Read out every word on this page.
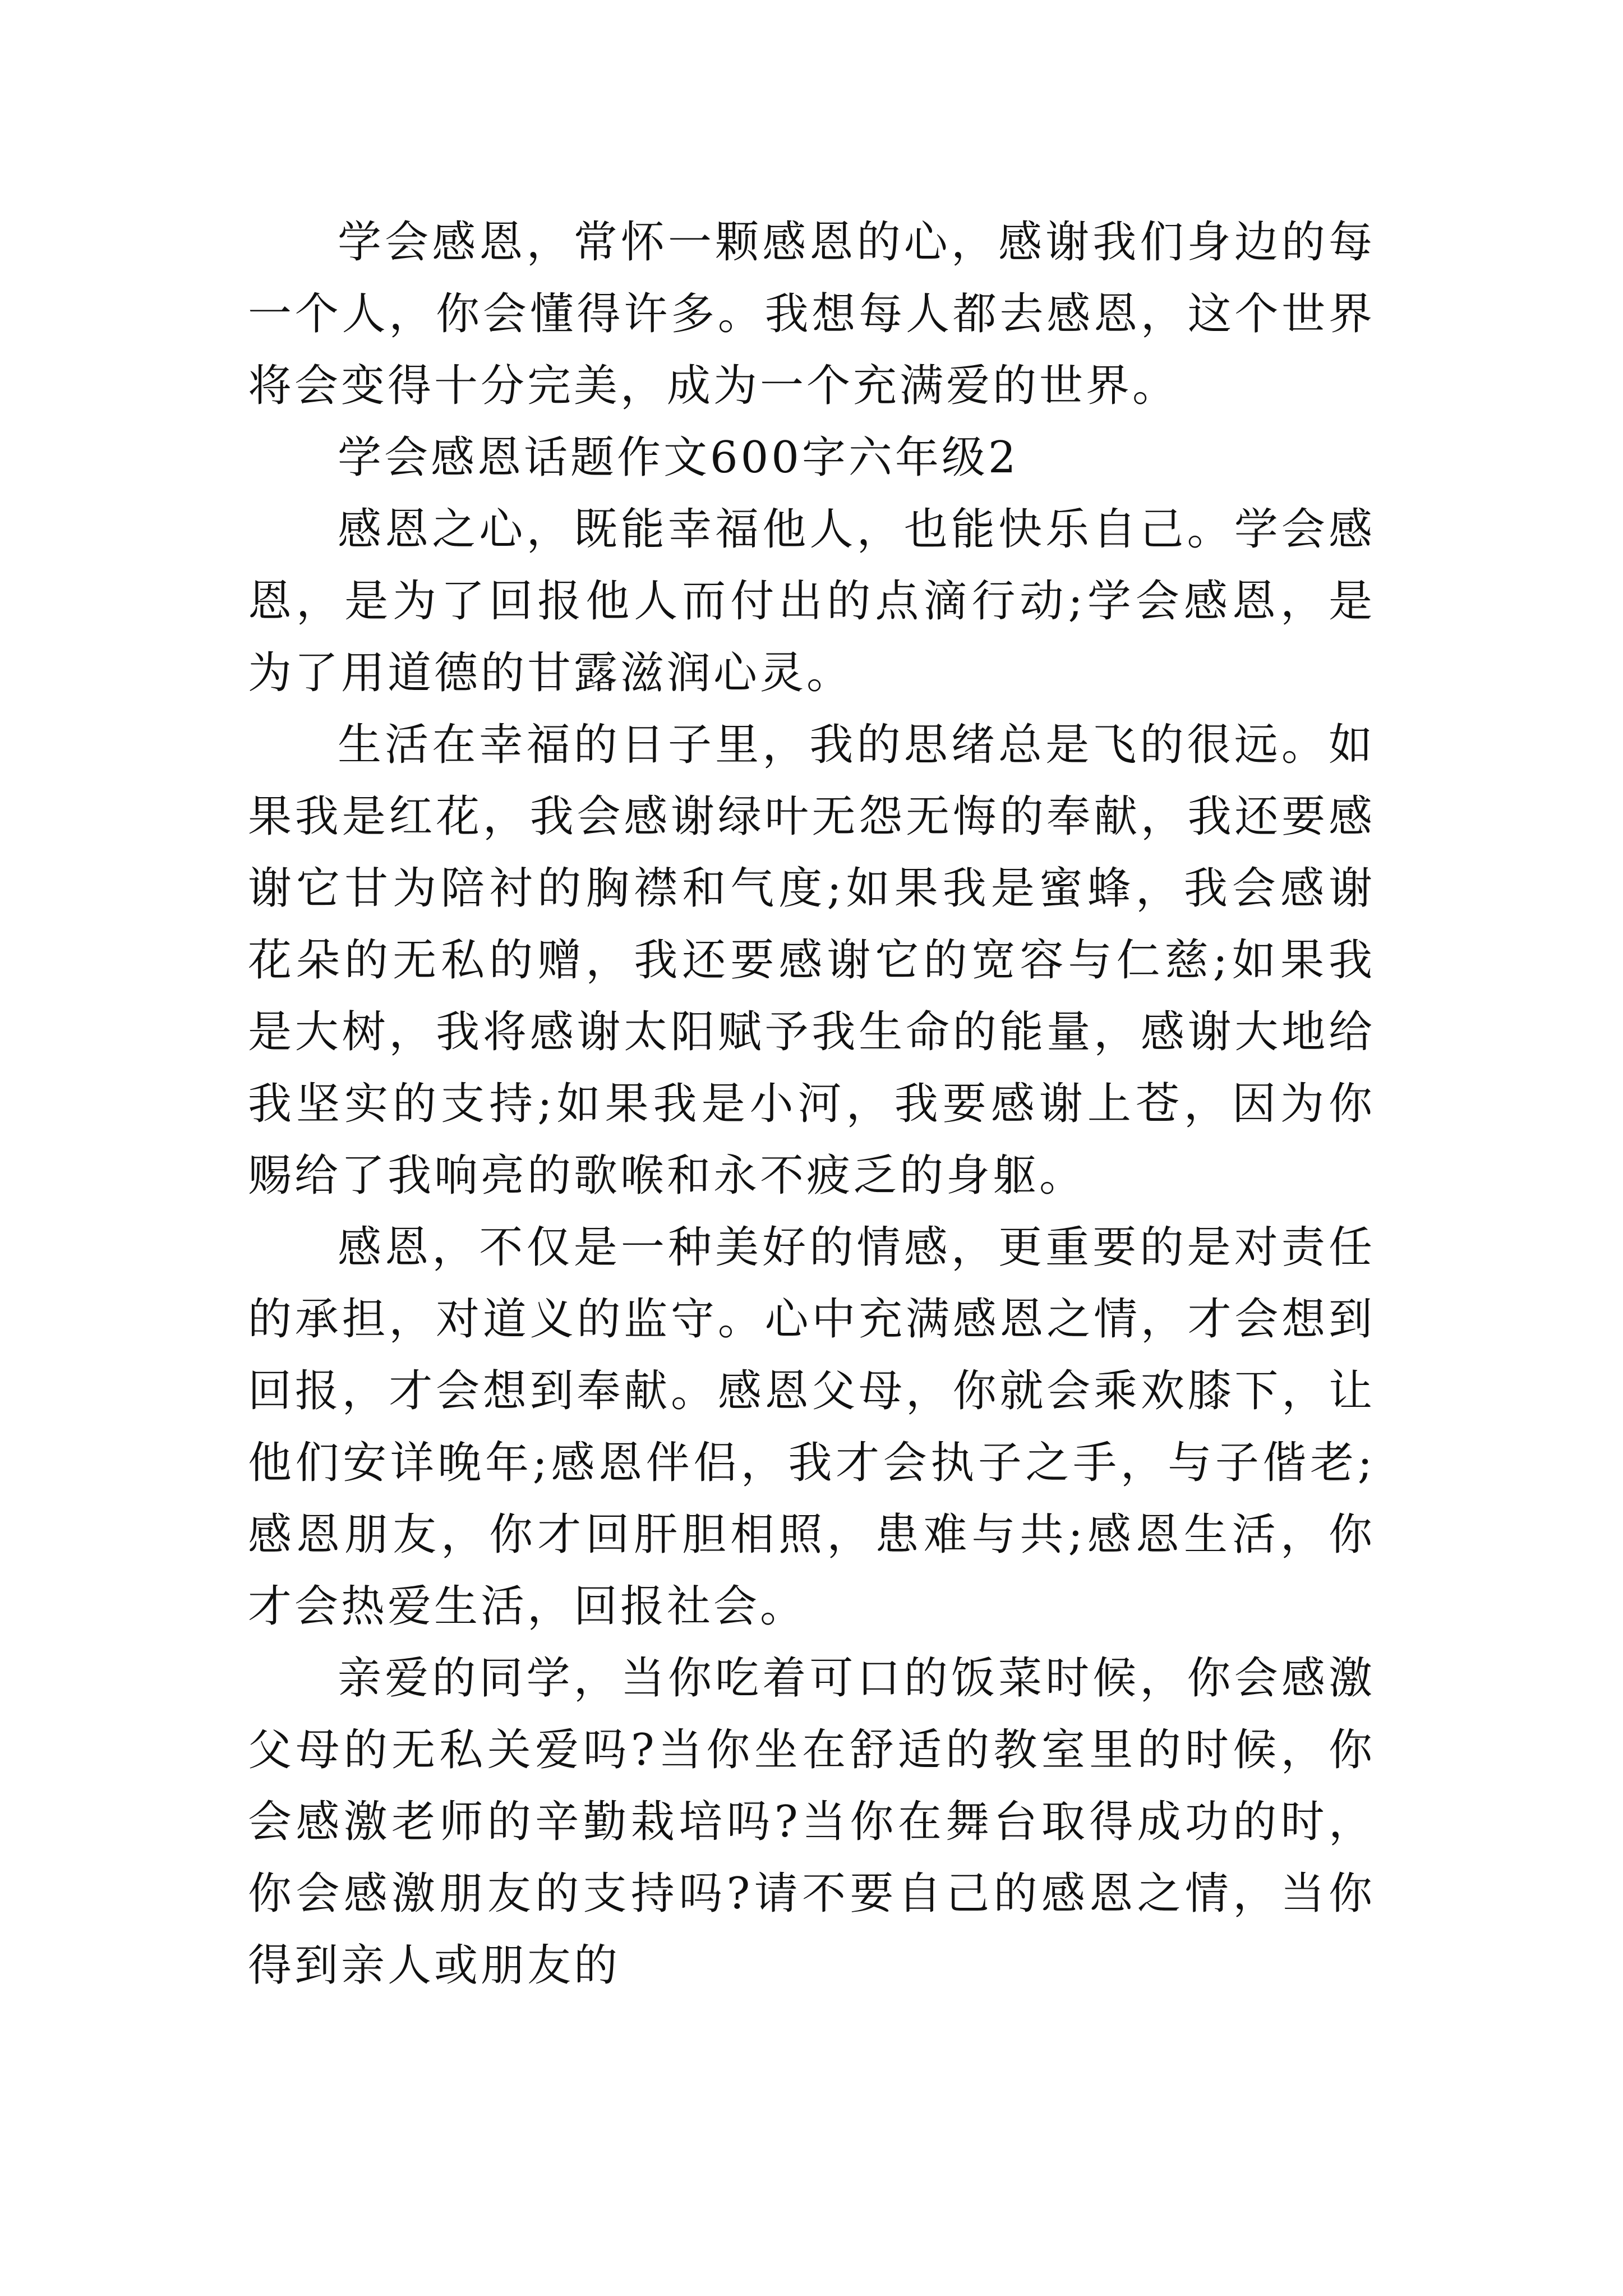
学会感恩，常怀一颗感恩的心，感谢我们身边的每一个人，你会懂得许多。我想每人都去感恩，这个世界将会变得十分完美，成为一个充满爱的世界。

学会感恩话题作文600字六年级2

感恩之心，既能幸福他人，也能快乐自己。学会感恩，是为了回报他人而付出的点滴行动;学会感恩，是为了用道德的甘露滋润心灵。

生活在幸福的日子里，我的思绪总是飞的很远。如果我是红花，我会感谢绿叶无怨无悔的奉献，我还要感谢它甘为陪衬的胸襟和气度;如果我是蜜蜂，我会感谢花朵的无私的赠，我还要感谢它的宽容与仁慈;如果我是大树，我将感谢太阳赋予我生命的能量，感谢大地给我坚实的支持;如果我是小河，我要感谢上苍，因为你赐给了我响亮的歌喉和永不疲乏的身躯。

感恩，不仅是一种美好的情感，更重要的是对责任的承担，对道义的监守。心中充满感恩之情，才会想到回报，才会想到奉献。感恩父母，你就会乘欢膝下，让他们安详晚年;感恩伴侣，我才会执子之手，与子偕老;感恩朋友，你才回肝胆相照，患难与共;感恩生活，你才会热爱生活，回报社会。

亲爱的同学，当你吃着可口的饭菜时候，你会感激父母的无私关爱吗?当你坐在舒适的教室里的时候，你会感激老师的辛勤栽培吗?当你在舞台取得成功的时，你会感激朋友的支持吗?请不要自己的感恩之情，当你得到亲人或朋友的
